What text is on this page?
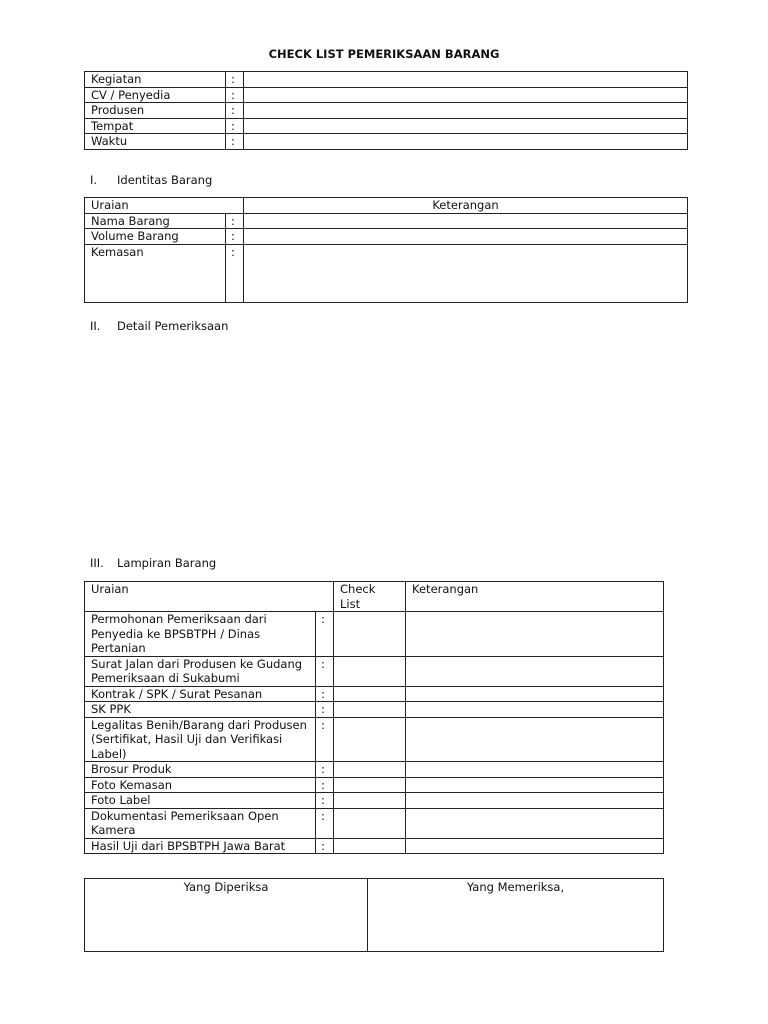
CHECK LIST PEMERIKSAAN BARANG
Kegiatan	:	
CV / Penyedia	:	
Produsen	:	
Tempat	:	
Waktu	:	
I. Identitas Barang
Uraian		Keterangan
Nama Barang	:	
Volume Barang	:	
Kemasan	:	
II. Detail Pemeriksaan
III. Lampiran Barang
Uraian		Check List	Keterangan
Permohonan Pemeriksaan dari Penyedia ke BPSBTPH / Dinas Pertanian	:		
Surat Jalan dari Produsen ke Gudang Pemeriksaan di Sukabumi	:		
Kontrak / SPK / Surat Pesanan	:		
SK PPK	:		
Legalitas Benih/Barang dari Produsen (Sertifikat, Hasil Uji dan Verifikasi Label)	:		
Brosur Produk	:		
Foto Kemasan	:		
Foto Label	:		
Dokumentasi Pemeriksaan Open Kamera	:		
Hasil Uji dari BPSBTPH Jawa Barat	:		
Yang Diperiksa	Yang Memeriksa,
